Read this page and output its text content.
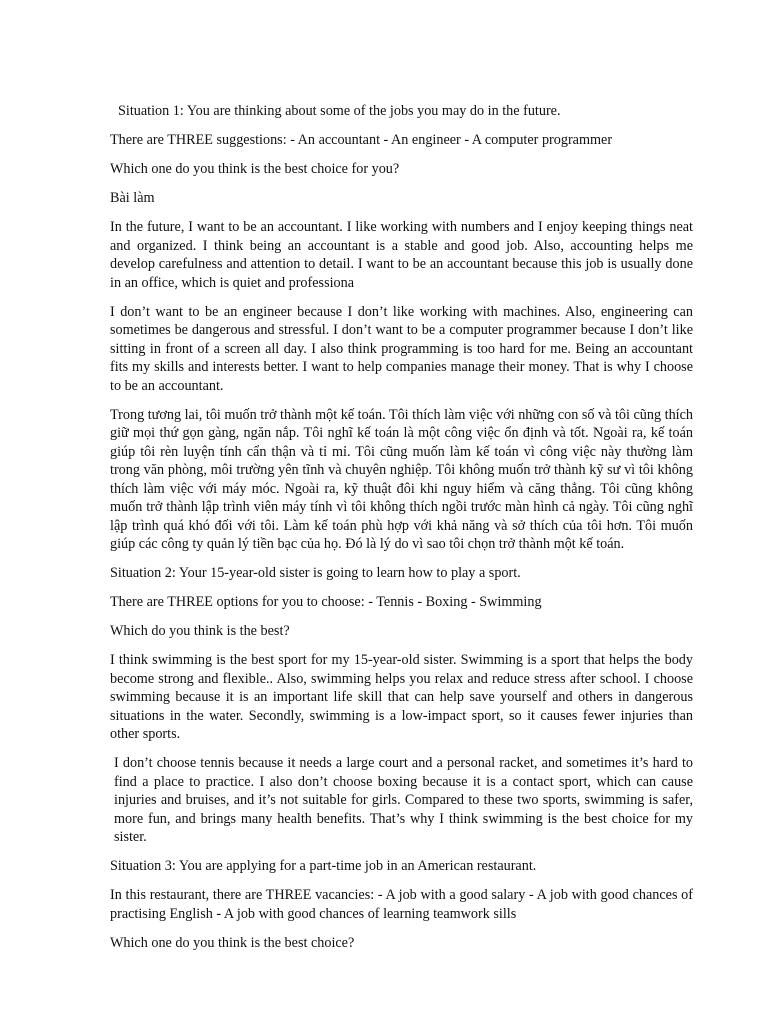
Situation 1: You are thinking about some of the jobs you may do in the future.

There are THREE suggestions: - An accountant - An engineer - A computer programmer

Which one do you think is the best choice for you?

Bài làm

In the future, I want to be an accountant. I like working with numbers and I enjoy keeping things neat and organized. I think being an accountant is a stable and good job. Also, accounting helps me develop carefulness and attention to detail. I want to be an accountant because this job is usually done in an office, which is quiet and professiona

I don’t want to be an engineer because I don’t like working with machines. Also, engineering can sometimes be dangerous and stressful. I don’t want to be a computer programmer because I don’t like sitting in front of a screen all day. I also think programming is too hard for me. Being an accountant fits my skills and interests better. I want to help companies manage their money. That is why I choose to be an accountant.

Trong tương lai, tôi muốn trở thành một kế toán. Tôi thích làm việc với những con số và tôi cũng thích giữ mọi thứ gọn gàng, ngăn nắp. Tôi nghĩ kế toán là một công việc ổn định và tốt. Ngoài ra, kế toán giúp tôi rèn luyện tính cẩn thận và tỉ mỉ. Tôi cũng muốn làm kế toán vì công việc này thường làm trong văn phòng, môi trường yên tĩnh và chuyên nghiệp. Tôi không muốn trở thành kỹ sư vì tôi không thích làm việc với máy móc. Ngoài ra, kỹ thuật đôi khi nguy hiểm và căng thẳng. Tôi cũng không muốn trở thành lập trình viên máy tính vì tôi không thích ngồi trước màn hình cả ngày. Tôi cũng nghĩ lập trình quá khó đối với tôi. Làm kế toán phù hợp với khả năng và sở thích của tôi hơn. Tôi muốn giúp các công ty quản lý tiền bạc của họ. Đó là lý do vì sao tôi chọn trở thành một kế toán.

Situation 2: Your 15-year-old sister is going to learn how to play a sport.

There are THREE options for you to choose: - Tennis - Boxing - Swimming

Which do you think is the best?

I think swimming is the best sport for my 15-year-old sister. Swimming is a sport that helps the body become strong and flexible.. Also, swimming helps you relax and reduce stress after school. I choose swimming because it is an important life skill that can help save yourself and others in dangerous situations in the water. Secondly, swimming is a low-impact sport, so it causes fewer injuries than other sports.

I don’t choose tennis because it needs a large court and a personal racket, and sometimes it’s hard to find a place to practice. I also don’t choose boxing because it is a contact sport, which can cause injuries and bruises, and it’s not suitable for girls. Compared to these two sports, swimming is safer, more fun, and brings many health benefits. That’s why I think swimming is the best choice for my sister.

Situation 3: You are applying for a part-time job in an American restaurant.

In this restaurant, there are THREE vacancies: - A job with a good salary - A job with good chances of practising English - A job with good chances of learning teamwork sills

Which one do you think is the best choice?
